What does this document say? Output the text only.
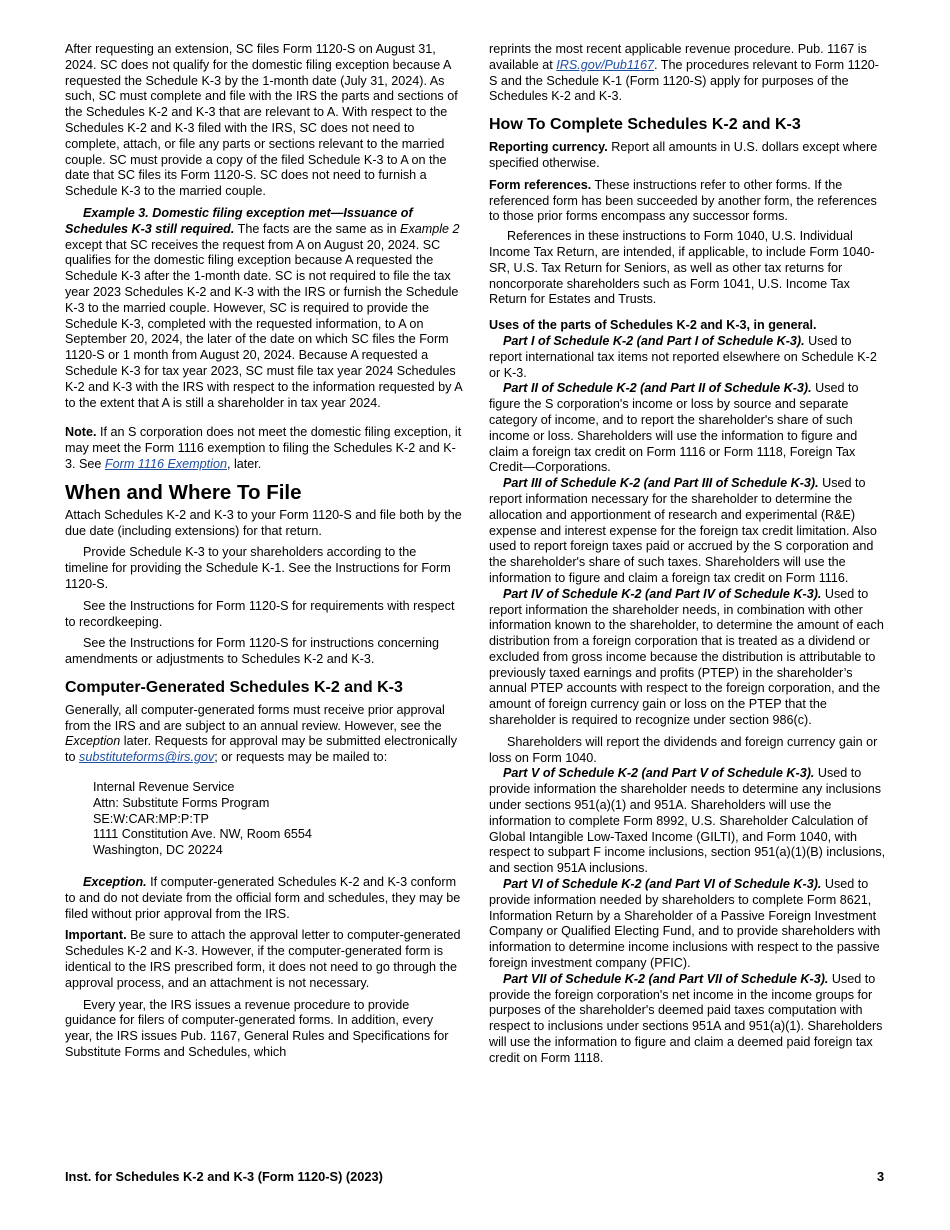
After requesting an extension, SC files Form 1120-S on August 31, 2024. SC does not qualify for the domestic filing exception because A requested the Schedule K-3 by the 1-month date (July 31, 2024). As such, SC must complete and file with the IRS the parts and sections of the Schedules K-2 and K-3 that are relevant to A. With respect to the Schedules K-2 and K-3 filed with the IRS, SC does not need to complete, attach, or file any parts or sections relevant to the married couple. SC must provide a copy of the filed Schedule K-3 to A on the date that SC files its Form 1120-S. SC does not need to furnish a Schedule K-3 to the married couple.

Example 3. Domestic filing exception met—Issuance of Schedules K-3 still required. The facts are the same as in Example 2 except that SC receives the request from A on August 20, 2024. SC qualifies for the domestic filing exception because A requested the Schedule K-3 after the 1-month date. SC is not required to file the tax year 2023 Schedules K-2 and K-3 with the IRS or furnish the Schedule K-3 to the married couple. However, SC is required to provide the Schedule K-3, completed with the requested information, to A on September 20, 2024, the later of the date on which SC files the Form 1120-S or 1 month from August 20, 2024. Because A requested a Schedule K-3 for tax year 2023, SC must file tax year 2024 Schedules K-2 and K-3 with the IRS with respect to the information requested by A to the extent that A is still a shareholder in tax year 2024.

Note. If an S corporation does not meet the domestic filing exception, it may meet the Form 1116 exemption to filing the Schedules K-2 and K-3. See Form 1116 Exemption, later.

When and Where To File

Attach Schedules K-2 and K-3 to your Form 1120-S and file both by the due date (including extensions) for that return.

Provide Schedule K-3 to your shareholders according to the timeline for providing the Schedule K-1. See the Instructions for Form 1120-S.

See the Instructions for Form 1120-S for requirements with respect to recordkeeping.

See the Instructions for Form 1120-S for instructions concerning amendments or adjustments to Schedules K-2 and K-3.

Computer-Generated Schedules K-2 and K-3

Generally, all computer-generated forms must receive prior approval from the IRS and are subject to an annual review. However, see the Exception later. Requests for approval may be submitted electronically to substituteforms@irs.gov; or requests may be mailed to:

Internal Revenue Service
Attn: Substitute Forms Program
SE:W:CAR:MP:P:TP
1111 Constitution Ave. NW, Room 6554
Washington, DC 20224

Exception. If computer-generated Schedules K-2 and K-3 conform to and do not deviate from the official form and schedules, they may be filed without prior approval from the IRS.

Important. Be sure to attach the approval letter to computer-generated Schedules K-2 and K-3. However, if the computer-generated form is identical to the IRS prescribed form, it does not need to go through the approval process, and an attachment is not necessary.

Every year, the IRS issues a revenue procedure to provide guidance for filers of computer-generated forms. In addition, every year, the IRS issues Pub. 1167, General Rules and Specifications for Substitute Forms and Schedules, which

reprints the most recent applicable revenue procedure. Pub. 1167 is available at IRS.gov/Pub1167. The procedures relevant to Form 1120-S and the Schedule K-1 (Form 1120-S) apply for purposes of the Schedules K-2 and K-3.

How To Complete Schedules K-2 and K-3

Reporting currency. Report all amounts in U.S. dollars except where specified otherwise.

Form references. These instructions refer to other forms. If the referenced form has been succeeded by another form, the references to those prior forms encompass any successor forms.

References in these instructions to Form 1040, U.S. Individual Income Tax Return, are intended, if applicable, to include Form 1040-SR, U.S. Tax Return for Seniors, as well as other tax returns for noncorporate shareholders such as Form 1041, U.S. Income Tax Return for Estates and Trusts.

Uses of the parts of Schedules K-2 and K-3, in general.

Part I of Schedule K-2 (and Part I of Schedule K-3). Used to report international tax items not reported elsewhere on Schedule K-2 or K-3.

Part II of Schedule K-2 (and Part II of Schedule K-3). Used to figure the S corporation's income or loss by source and separate category of income, and to report the shareholder's share of such income or loss. Shareholders will use the information to figure and claim a foreign tax credit on Form 1116 or Form 1118, Foreign Tax Credit—Corporations.

Part III of Schedule K-2 (and Part III of Schedule K-3). Used to report information necessary for the shareholder to determine the allocation and apportionment of research and experimental (R&E) expense and interest expense for the foreign tax credit limitation. Also used to report foreign taxes paid or accrued by the S corporation and the shareholder's share of such taxes. Shareholders will use the information to figure and claim a foreign tax credit on Form 1116.

Part IV of Schedule K-2 (and Part IV of Schedule K-3). Used to report information the shareholder needs, in combination with other information known to the shareholder, to determine the amount of each distribution from a foreign corporation that is treated as a dividend or excluded from gross income because the distribution is attributable to previously taxed earnings and profits (PTEP) in the shareholder’s annual PTEP accounts with respect to the foreign corporation, and the amount of foreign currency gain or loss on the PTEP that the shareholder is required to recognize under section 986(c).

Shareholders will report the dividends and foreign currency gain or loss on Form 1040.

Part V of Schedule K-2 (and Part V of Schedule K-3). Used to provide information the shareholder needs to determine any inclusions under sections 951(a)(1) and 951A. Shareholders will use the information to complete Form 8992, U.S. Shareholder Calculation of Global Intangible Low-Taxed Income (GILTI), and Form 1040, with respect to subpart F income inclusions, section 951(a)(1)(B) inclusions, and section 951A inclusions.

Part VI of Schedule K-2 (and Part VI of Schedule K-3). Used to provide information needed by shareholders to complete Form 8621, Information Return by a Shareholder of a Passive Foreign Investment Company or Qualified Electing Fund, and to provide shareholders with information to determine income inclusions with respect to the passive foreign investment company (PFIC).

Part VII of Schedule K-2 (and Part VII of Schedule K-3). Used to provide the foreign corporation's net income in the income groups for purposes of the shareholder's deemed paid taxes computation with respect to inclusions under sections 951A and 951(a)(1). Shareholders will use the information to figure and claim a deemed paid foreign tax credit on Form 1118.

Inst. for Schedules K-2 and K-3 (Form 1120-S) (2023)	3
